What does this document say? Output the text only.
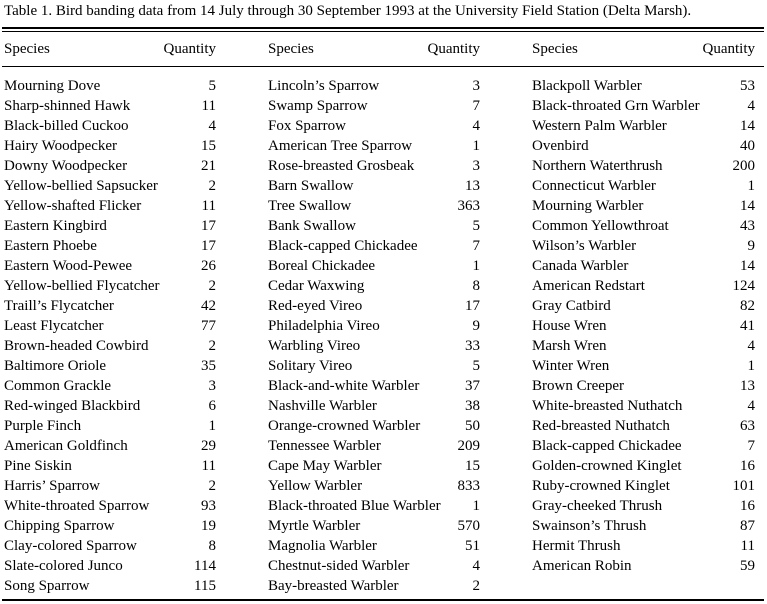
Table 1. Bird banding data from 14 July through 30 September 1993 at the University Field Station (Delta Marsh).
Species	Quantity
Mourning Dove	5
Sharp-shinned Hawk	11
Black-billed Cuckoo	4
Hairy Woodpecker	15
Downy Woodpecker	21
Yellow-bellied Sapsucker	2
Yellow-shafted Flicker	11
Eastern Kingbird	17
Eastern Phoebe	17
Eastern Wood-Pewee	26
Yellow-bellied Flycatcher	2
Traill’s Flycatcher	42
Least Flycatcher	77
Brown-headed Cowbird	2
Baltimore Oriole	35
Common Grackle	3
Red-winged Blackbird	6
Purple Finch	1
American Goldfinch	29
Pine Siskin	11
Harris’ Sparrow	2
White-throated Sparrow	93
Chipping Sparrow	19
Clay-colored Sparrow	8
Slate-colored Junco	114
Song Sparrow	115
Species	Quantity
Lincoln’s Sparrow	3
Swamp Sparrow	7
Fox Sparrow	4
American Tree Sparrow	1
Rose-breasted Grosbeak	3
Barn Swallow	13
Tree Swallow	363
Bank Swallow	5
Black-capped Chickadee	7
Boreal Chickadee	1
Cedar Waxwing	8
Red-eyed Vireo	17
Philadelphia Vireo	9
Warbling Vireo	33
Solitary Vireo	5
Black-and-white Warbler	37
Nashville Warbler	38
Orange-crowned Warbler	50
Tennessee Warbler	209
Cape May Warbler	15
Yellow Warbler	833
Black-throated Blue Warbler 1
Myrtle Warbler	570
Magnolia Warbler	51
Chestnut-sided Warbler	4
Bay-breasted Warbler	2
Species	Quantity
Blackpoll Warbler	53
Black-throated Grn Warbler	4
Western Palm Warbler	14
Ovenbird	40
Northern Waterthrush	200
Connecticut Warbler	1
Mourning Warbler	14
Common Yellowthroat	43
Wilson’s Warbler	9
Canada Warbler	14
American Redstart	124
Gray Catbird	82
House Wren	41
Marsh Wren	4
Winter Wren	1
Brown Creeper	13
White-breasted Nuthatch	4
Red-breasted Nuthatch	63
Black-capped Chickadee	7
Golden-crowned Kinglet	16
Ruby-crowned Kinglet	101
Gray-cheeked Thrush	16
Swainson’s Thrush	87
Hermit Thrush	11
American Robin	59
